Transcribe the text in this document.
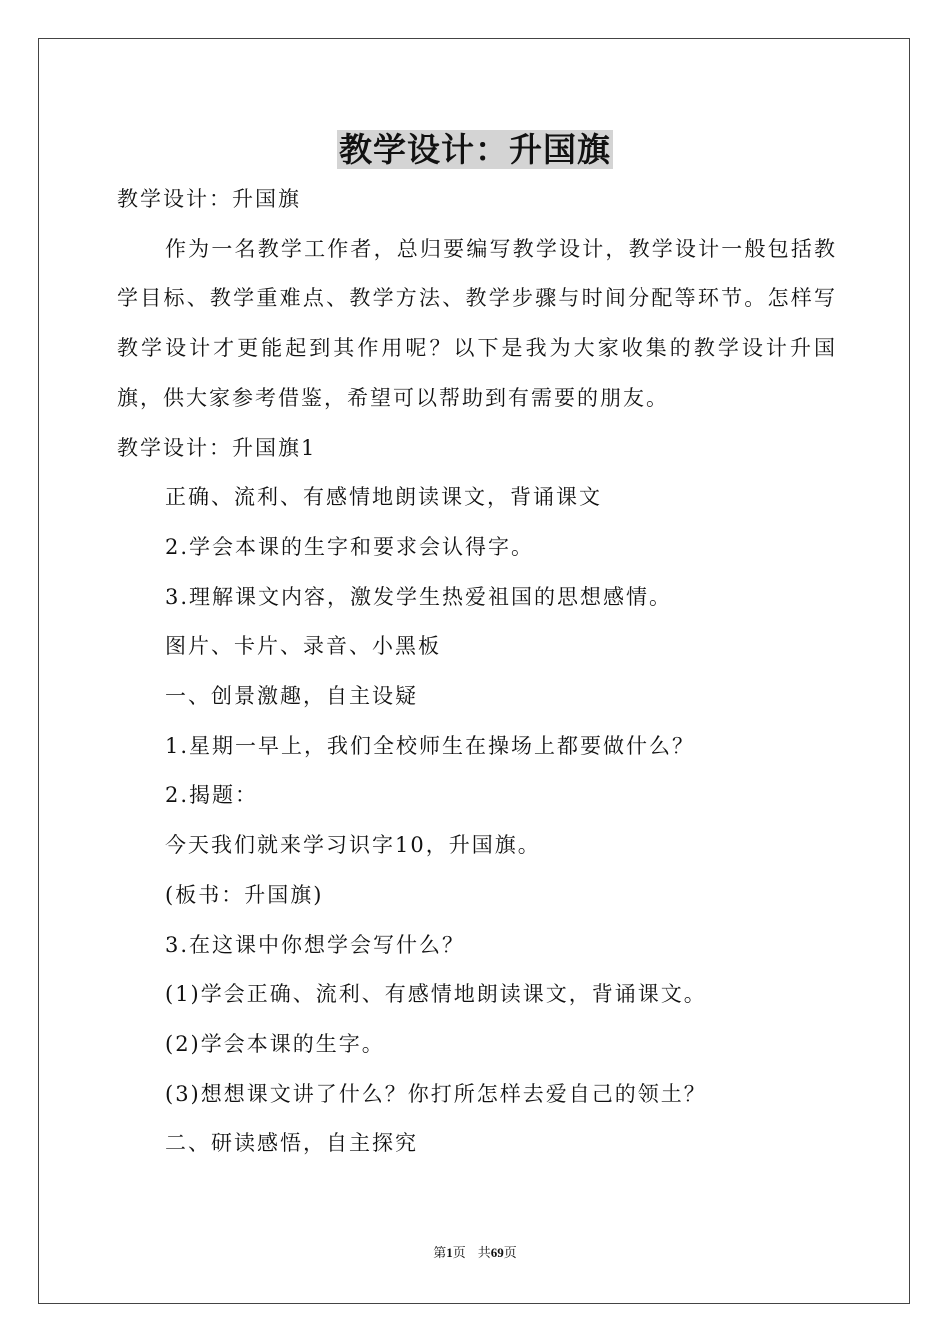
教学设计：升国旗

教学设计：升国旗

作为一名教学工作者，总归要编写教学设计，教学设计一般包括教学目标、教学重难点、教学方法、教学步骤与时间分配等环节。怎样写教学设计才更能起到其作用呢？以下是我为大家收集的教学设计升国旗，供大家参考借鉴，希望可以帮助到有需要的朋友。

教学设计：升国旗1

正确、流利、有感情地朗读课文，背诵课文

2.学会本课的生字和要求会认得字。

3.理解课文内容，激发学生热爱祖国的思想感情。

图片、卡片、录音、小黑板

一、创景激趣，自主设疑

1.星期一早上，我们全校师生在操场上都要做什么？

2.揭题：

今天我们就来学习识字10，升国旗。

(板书：升国旗)

3.在这课中你想学会写什么？

(1)学会正确、流利、有感情地朗读课文，背诵课文。

(2)学会本课的生字。

(3)想想课文讲了什么？你打所怎样去爱自己的领土？

二、研读感悟，自主探究

第1页 共69页
